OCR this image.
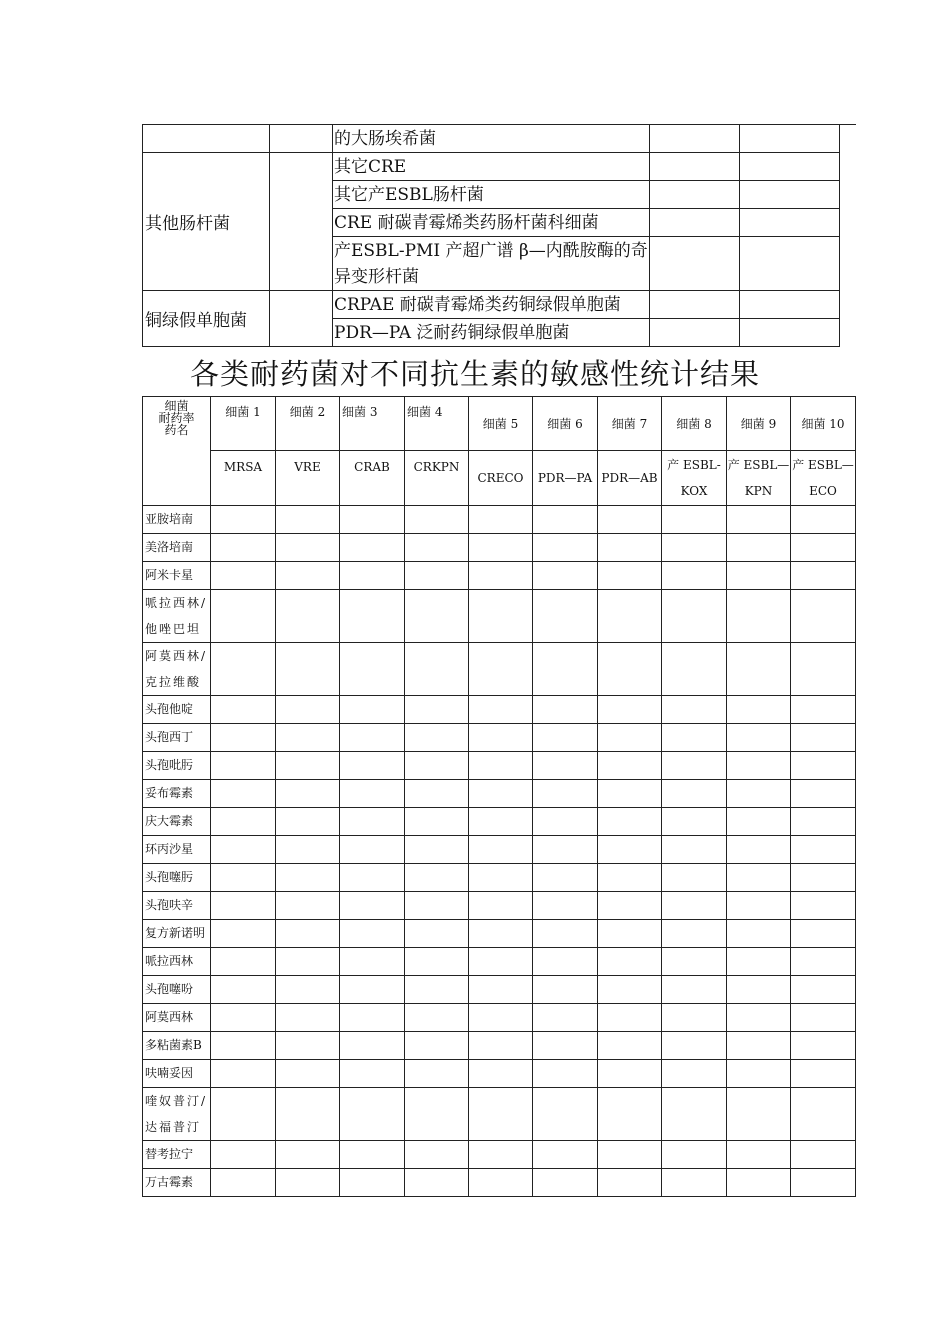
		的大肠埃希菌		
其他肠杆菌		其它CRE		
		其它产ESBL肠杆菌		
		CRE 耐碳青霉烯类药肠杆菌科细菌		
		产ESBL-PMI 产超广谱 β—内酰胺酶的奇异变形杆菌		
铜绿假单胞菌		CRPAE 耐碳青霉烯类药铜绿假单胞菌		
		PDR—PA 泛耐药铜绿假单胞菌		
各类耐药菌对不同抗生素的敏感性统计结果
细菌
耐药率
药名	细菌 1	细菌 2	细菌 3	细菌 4	细菌 5	细菌 6	细菌 7	细菌 8	细菌 9	细菌 10
	MRSA	VRE	CRAB	CRKPN	CRECO	PDR—PA	PDR—AB	产 ESBL-KOX	产 ESBL—KPN	产 ESBL—ECO
亚胺培南										
美洛培南										
阿米卡星										
哌拉西林/他唑巴坦										
阿莫西林/克拉维酸										
头孢他啶										
头孢西丁										
头孢吡肟										
妥布霉素										
庆大霉素										
环丙沙星										
头孢噻肟										
头孢呋辛										
复方新诺明										
哌拉西林										
头孢噻吩										
阿莫西林										
多粘菌素B										
呋喃妥因										
喹奴普汀/达福普汀										
替考拉宁										
万古霉素										
